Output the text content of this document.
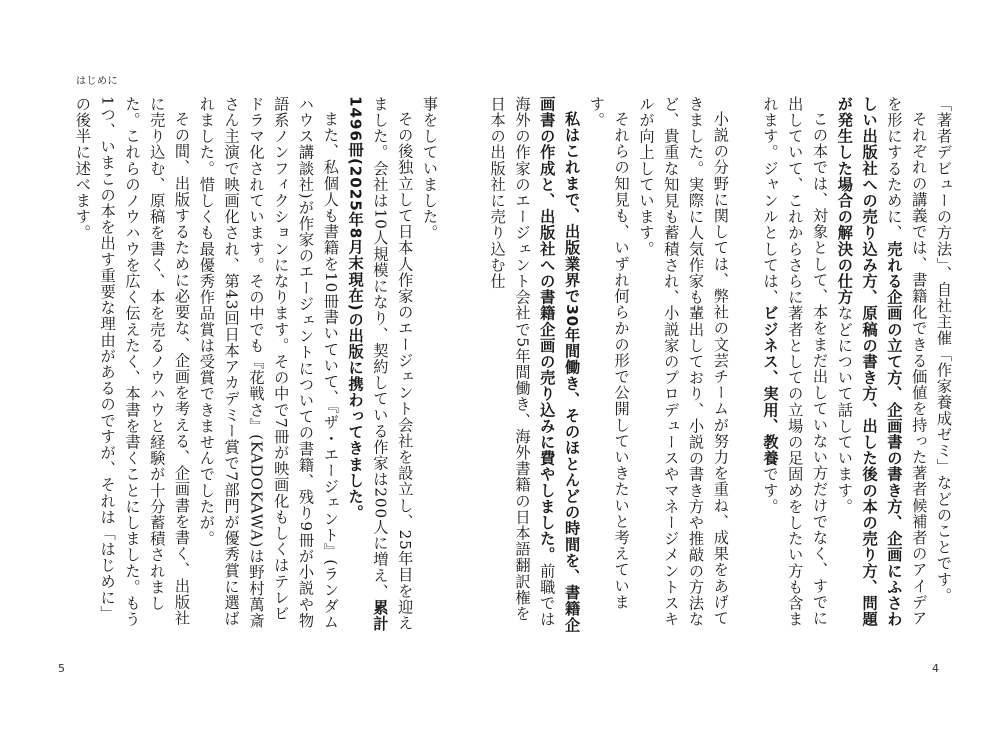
はじめに

事をしていました。

その後独立して日本人作家のエージェント会社を設立し、25年目を迎えました。会社は10人規模になり、契約している作家は200人に増え、累計1496冊(2025年8月末現在)の出版に携わってきました。

また、私個人も書籍を10冊書いていて、『ザ・エージェント』(ランダムハウス講談社)が作家のエージェントについての書籍、残り9冊が小説や物語系ノンフィクションになります。その中で7冊が映画化もしくはテレビドラマ化されています。その中でも『花戦さ』(KADOKAWA)は野村萬斎さん主演で映画化され、第43回日本アカデミー賞で7部門が優秀賞に選ばれました。惜しくも最優秀作品賞は受賞できませんでしたが。

その間、出版するために必要な、企画を考える、企画書を書く、出版社に売り込む、原稿を書く、本を売るノウハウと経験が十分蓄積されました。これらのノウハウを広く伝えたく、本書を書くことにしました。もう1つ、いまこの本を出す重要な理由があるのですが、それは「はじめに」の後半に述べます。

5

「著者デビューの方法」、自社主催「作家養成ゼミ」などのことです。

それぞれの講義では、書籍化できる価値を持った著者候補者のアイデアを形にするために、売れる企画の立て方、企画書の書き方、企画にふさわしい出版社への売り込み方、原稿の書き方、出した後の本の売り方、問題が発生した場合の解決の仕方などについて話しています。

この本では、対象として、本をまだ出していない方だけでなく、すでに出していて、これからさらに著者としての立場の足固めをしたい方も含まれます。ジャンルとしては、ビジネス、実用、教養です。

小説の分野に関しては、弊社の文芸チームが努力を重ね、成果をあげてきました。実際に人気作家も輩出しており、小説の書き方や推敲の方法など、貴重な知見も蓄積され、小説家のプロデュースやマネージメントスキルが向上しています。

それらの知見も、いずれ何らかの形で公開していきたいと考えています。

私はこれまで、出版業界で30年間働き、そのほとんどの時間を、書籍企画書の作成と、出版社への書籍企画の売り込みに費やしました。前職では海外の作家のエージェント会社で5年間働き、海外書籍の日本語翻訳権を日本の出版社に売り込む仕

4
